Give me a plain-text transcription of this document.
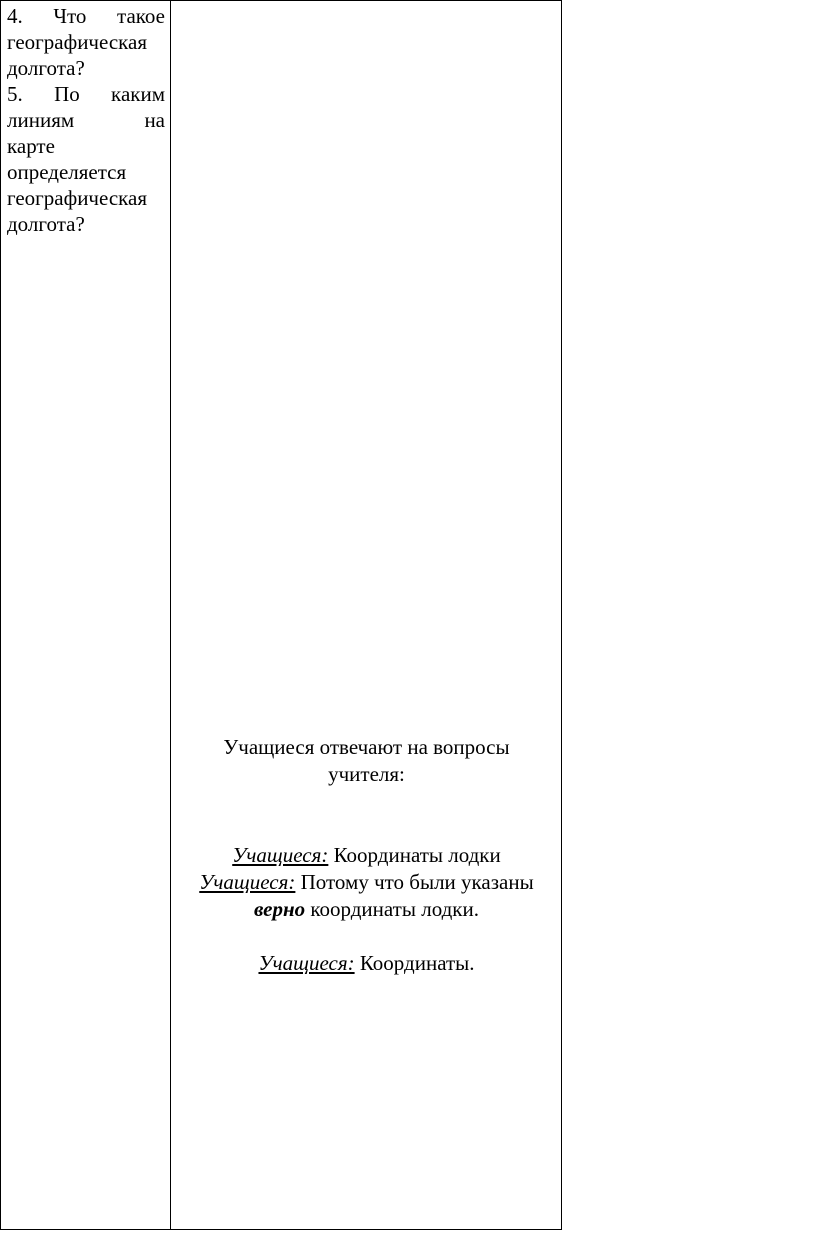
4. Что такое
географическая
долгота?
5. По каким
линиям на
карте
определяется
географическая
долгота?

Учащиеся отвечают на вопросы

учителя:

Учащиеся: Координаты лодки

Учащиеся: Потому что были указаны

верно координаты лодки.

Учащиеся: Координаты.
